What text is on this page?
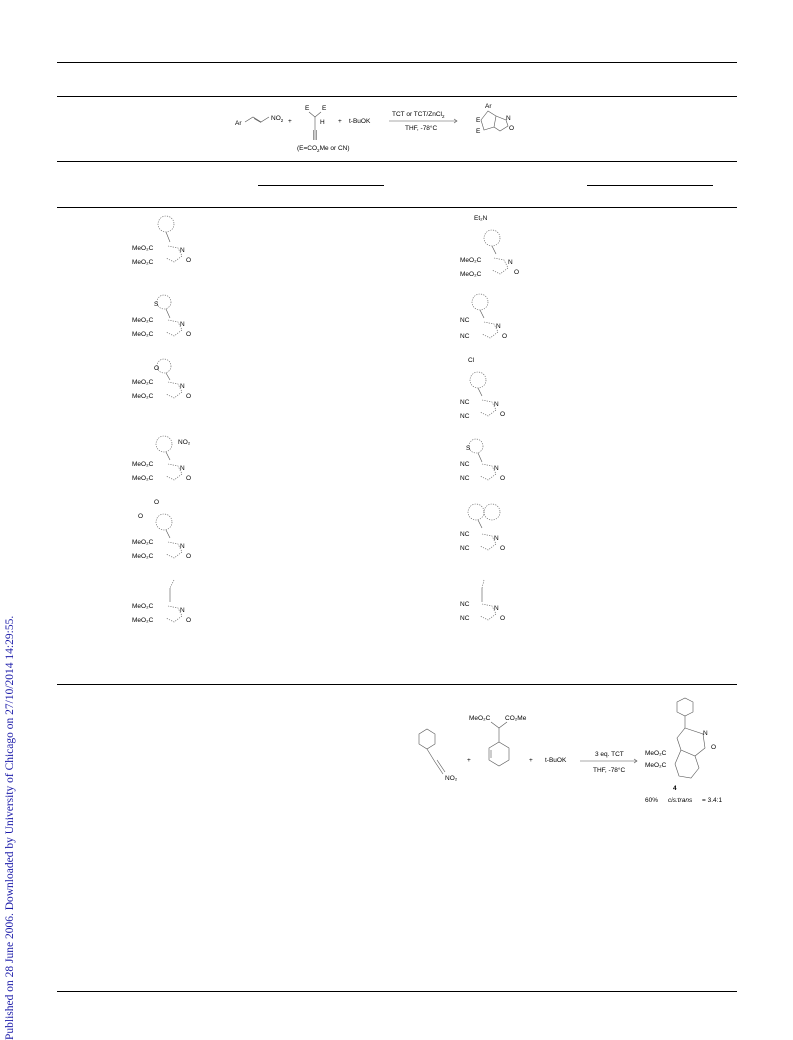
Published on 28 June 2006. Downloaded by University of Chicago on 27/10/2014 14:29:55.
Ar
$NO_2$ +
E E
H
($E=CO_2Me$ or CN)
+ t-BuOK
TCT or TCT/ZnCl$_2$
THF, -78°C
Ar
E
E
N
O
MeO₂C
MeO₂C
N
O
S
MeO₂C
MeO₂C
N
O
O
MeO₂C
MeO₂C
N
O
NO₂
MeO₂C
MeO₂C
N
O
O
O
MeO₂C
MeO₂C
N
O
MeO₂C
MeO₂C
N
O
Et₂N
MeO₂C
MeO₂C
N
O
NC
NC
N
O
Cl
NC
NC
N
O
S
NC
NC
N
O
NC
NC
N
O
NC
NC
N
O
NO₂
+
MeO₂C CO₂Me
+ t-BuOK
3 eq. TCT
THF, -78°C
N
O
MeO₂C
MeO₂C
4
60% cis:trans = 3.4:1
